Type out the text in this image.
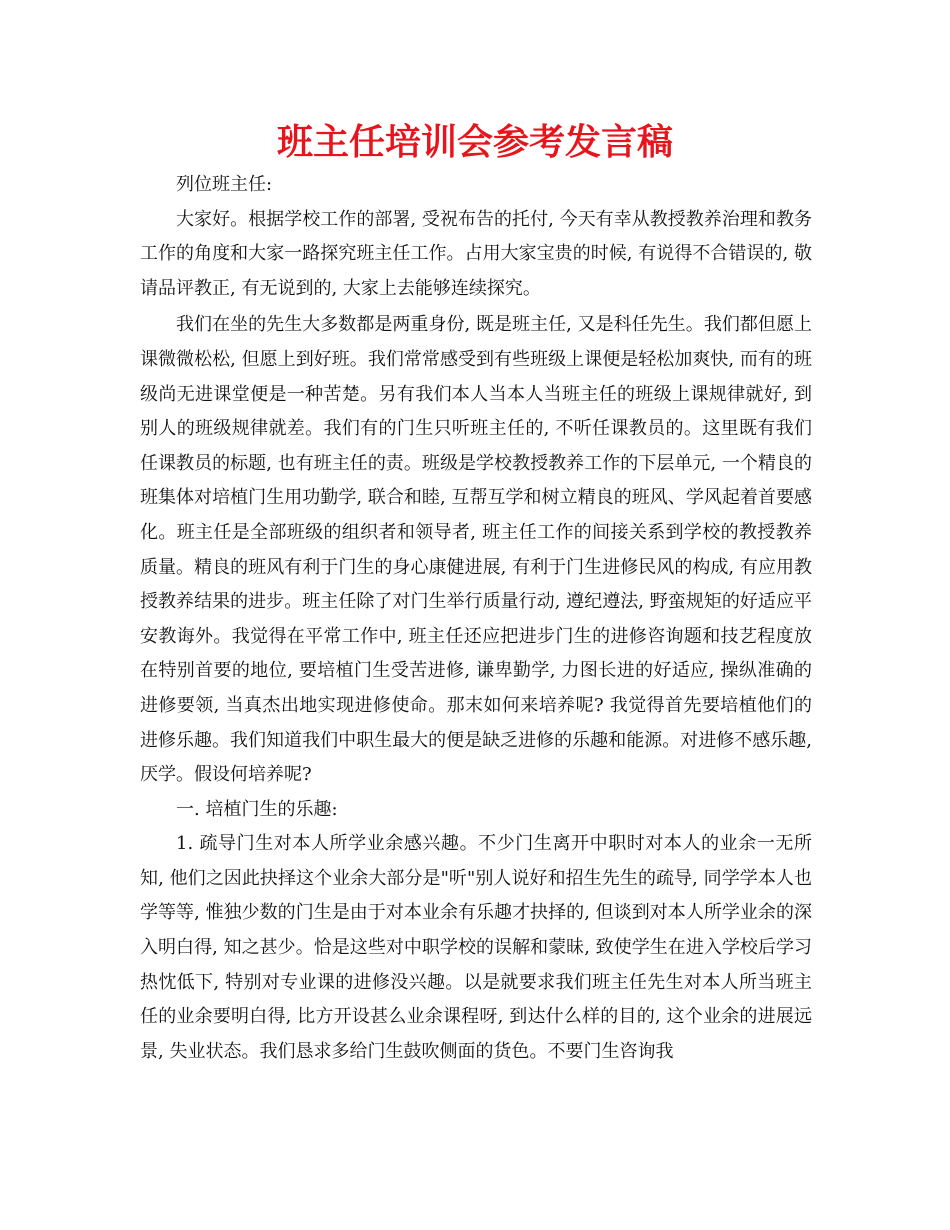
班主任培训会参考发言稿

列位班主任:

大家好。根据学校工作的部署, 受祝布告的托付, 今天有幸从教授教养治理和教务工作的角度和大家一路探究班主任工作。占用大家宝贵的时候, 有说得不合错误的, 敬请品评教正, 有无说到的, 大家上去能够连续探究。

我们在坐的先生大多数都是两重身份, 既是班主任, 又是科任先生。我们都但愿上课微微松松, 但愿上到好班。我们常常感受到有些班级上课便是轻松加爽快, 而有的班级尚无进课堂便是一种苦楚。另有我们本人当本人当班主任的班级上课规律就好, 到别人的班级规律就差。我们有的门生只听班主任的, 不听任课教员的。这里既有我们任课教员的标题, 也有班主任的责。班级是学校教授教养工作的下层单元, 一个精良的班集体对培植门生用功勤学, 联合和睦, 互帮互学和树立精良的班风、学风起着首要感化。班主任是全部班级的组织者和领导者, 班主任工作的间接关系到学校的教授教养质量。精良的班风有利于门生的身心康健进展, 有利于门生进修民风的构成, 有应用教授教养结果的进步。班主任除了对门生举行质量行动, 遵纪遵法, 野蛮规矩的好适应平安教诲外。我觉得在平常工作中, 班主任还应把进步门生的进修咨询题和技艺程度放在特别首要的地位, 要培植门生受苦进修, 谦卑勤学, 力图长进的好适应, 操纵准确的进修要领, 当真杰出地实现进修使命。那末如何来培养呢? 我觉得首先要培植他们的进修乐趣。我们知道我们中职生最大的便是缺乏进修的乐趣和能源。对进修不感乐趣, 厌学。假设何培养呢?

一. 培植门生的乐趣:

1. 疏导门生对本人所学业余感兴趣。不少门生离开中职时对本人的业余一无所知, 他们之因此抉择这个业余大部分是"听"别人说好和招生先生的疏导, 同学学本人也学等等, 惟独少数的门生是由于对本业余有乐趣才抉择的, 但谈到对本人所学业余的深入明白得, 知之甚少。恰是这些对中职学校的误解和蒙昧, 致使学生在进入学校后学习热忱低下, 特别对专业课的进修没兴趣。以是就要求我们班主任先生对本人所当班主任的业余要明白得, 比方开设甚么业余课程呀, 到达什么样的目的, 这个业余的进展远景, 失业状态。我们恳求多给门生鼓吹侧面的货色。不要门生咨询我
